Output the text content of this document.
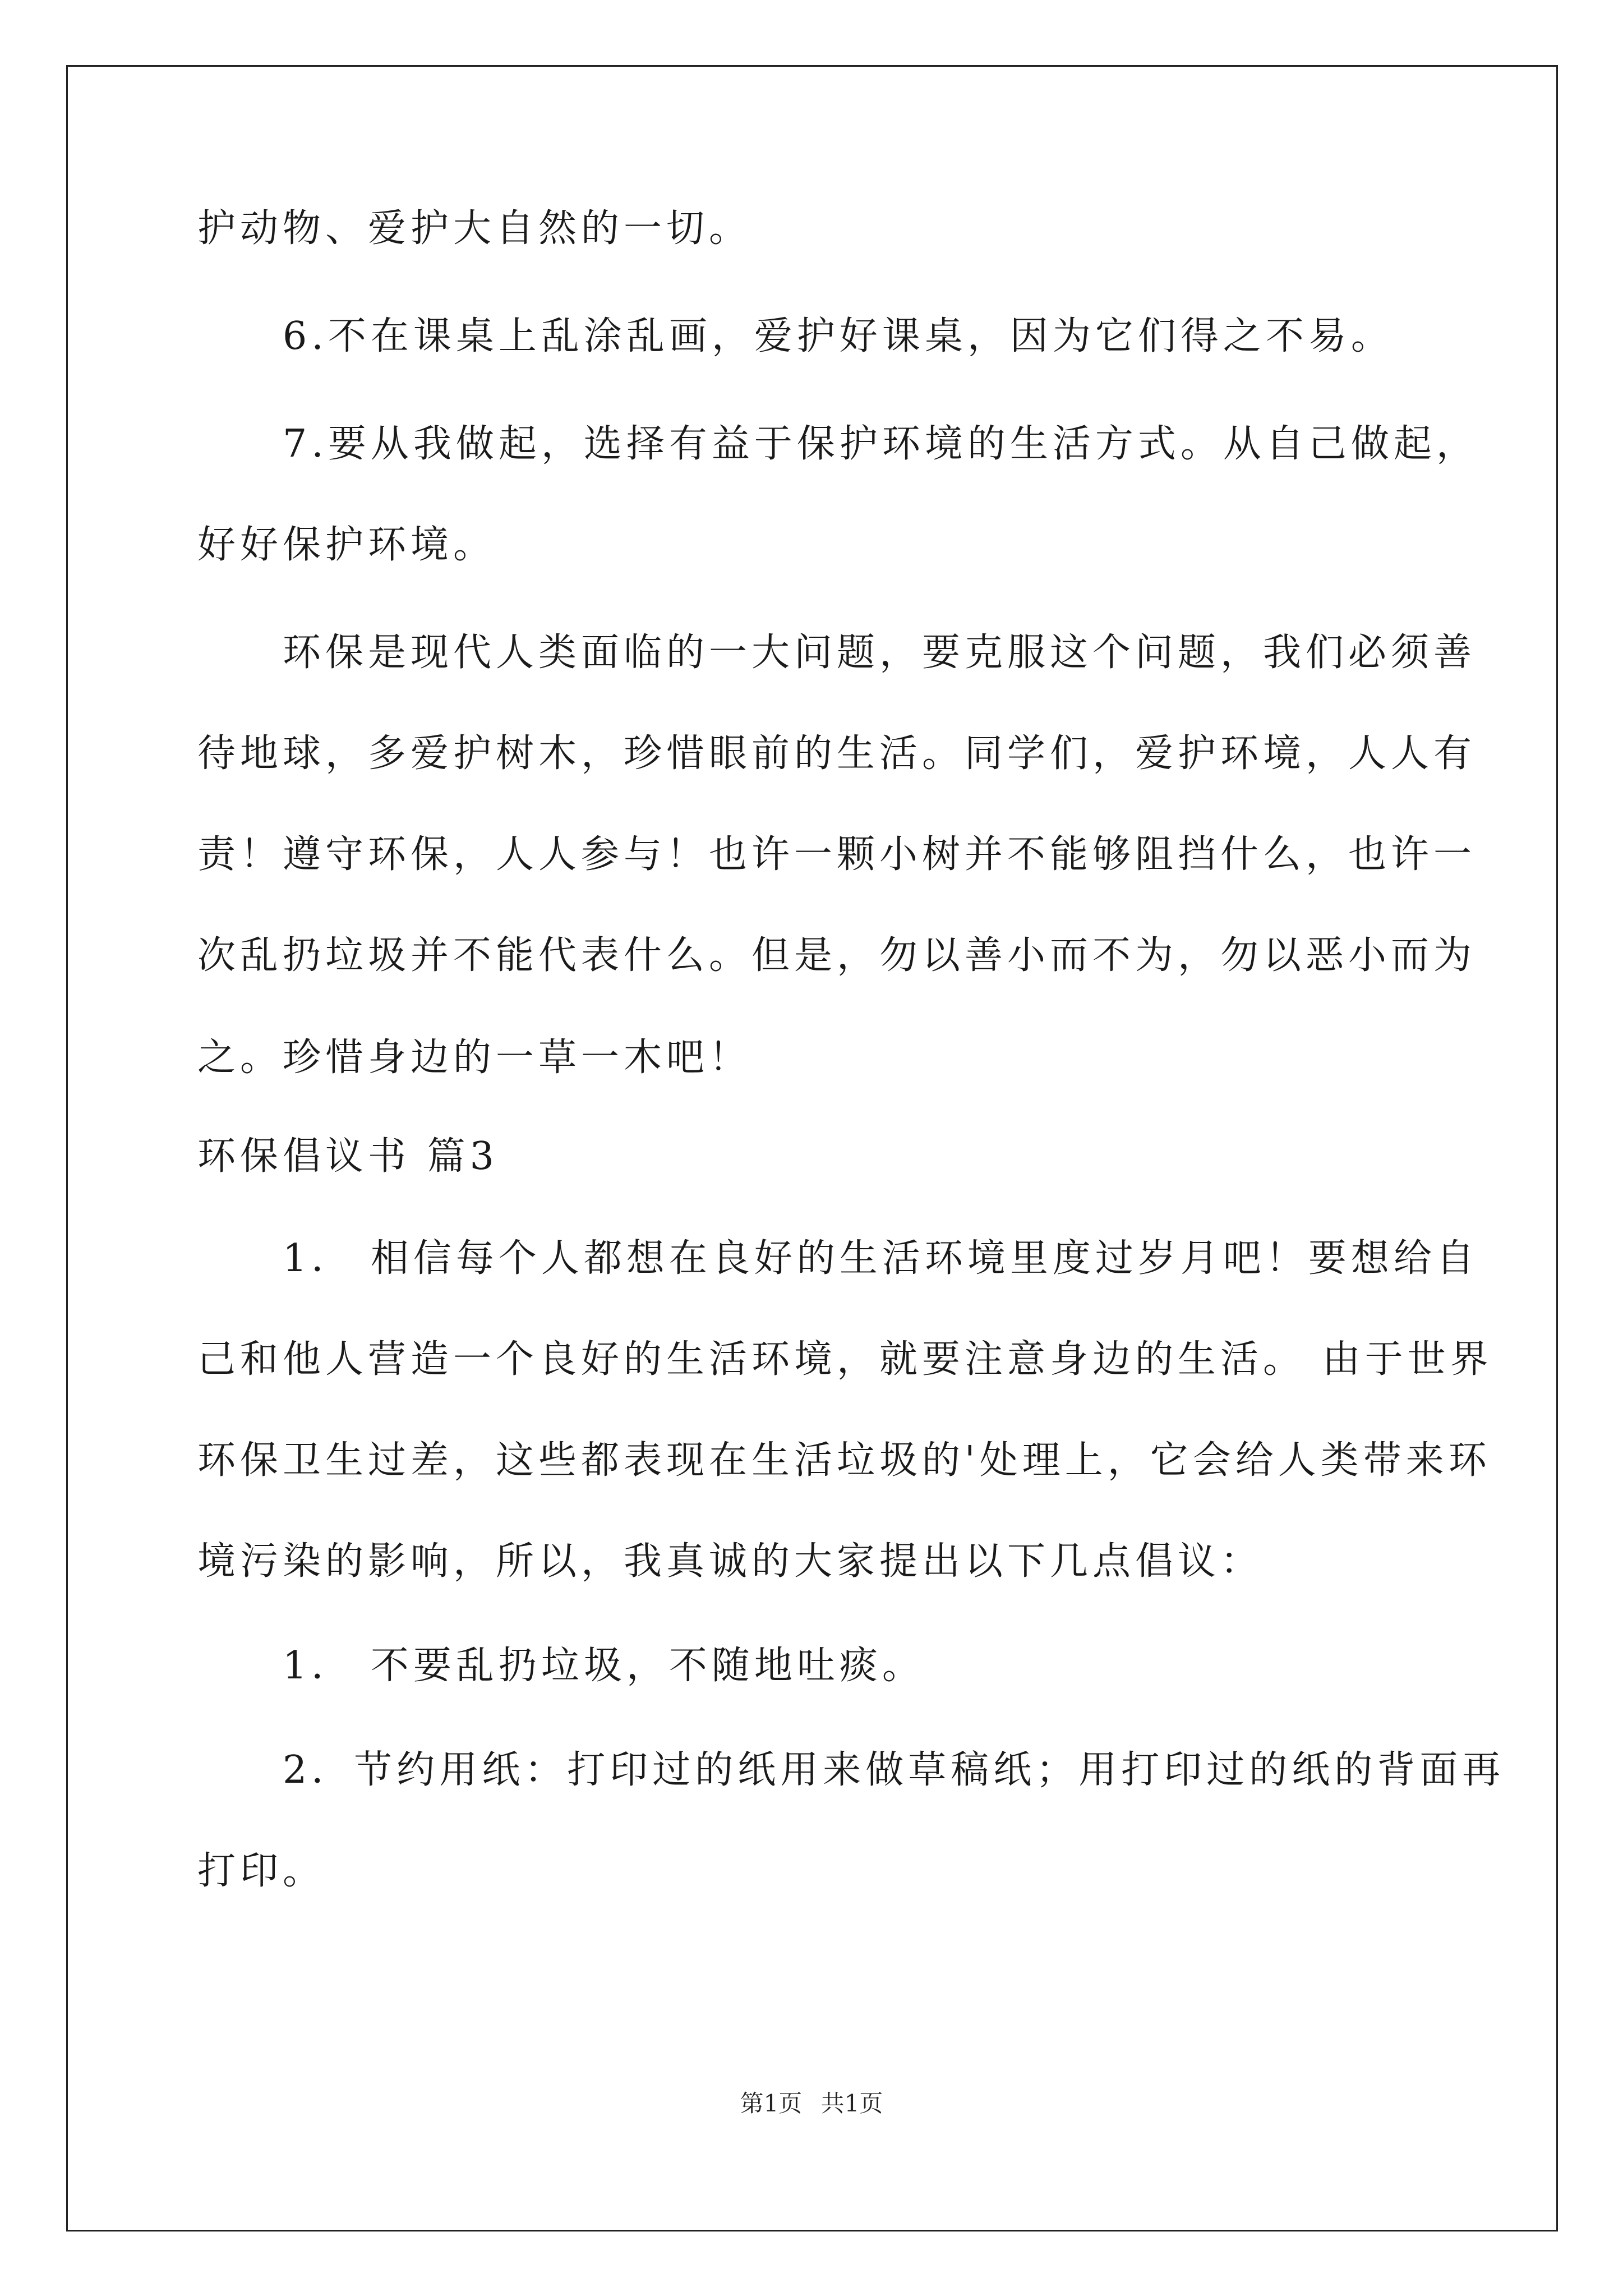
护动物、爱护大自然的一切。
　　6.不在课桌上乱涂乱画，爱护好课桌，因为它们得之不易。
　　7.要从我做起，选择有益于保护环境的生活方式。从自己做起，
好好保护环境。
　　环保是现代人类面临的一大问题，要克服这个问题，我们必须善
待地球，多爱护树木，珍惜眼前的生活。同学们，爱护环境，人人有
责！遵守环保，人人参与！也许一颗小树并不能够阻挡什么，也许一
次乱扔垃圾并不能代表什么。但是，勿以善小而不为，勿以恶小而为
之。珍惜身边的一草一木吧！
环保倡议书 篇3
　　1． 相信每个人都想在良好的生活环境里度过岁月吧！要想给自
己和他人营造一个良好的生活环境，就要注意身边的生活。 由于世界
环保卫生过差，这些都表现在生活垃圾的'处理上，它会给人类带来环
境污染的影响，所以，我真诚的大家提出以下几点倡议：
　　1． 不要乱扔垃圾，不随地吐痰。
　　2．节约用纸：打印过的纸用来做草稿纸；用打印过的纸的背面再
打印。
第1页 共1页
